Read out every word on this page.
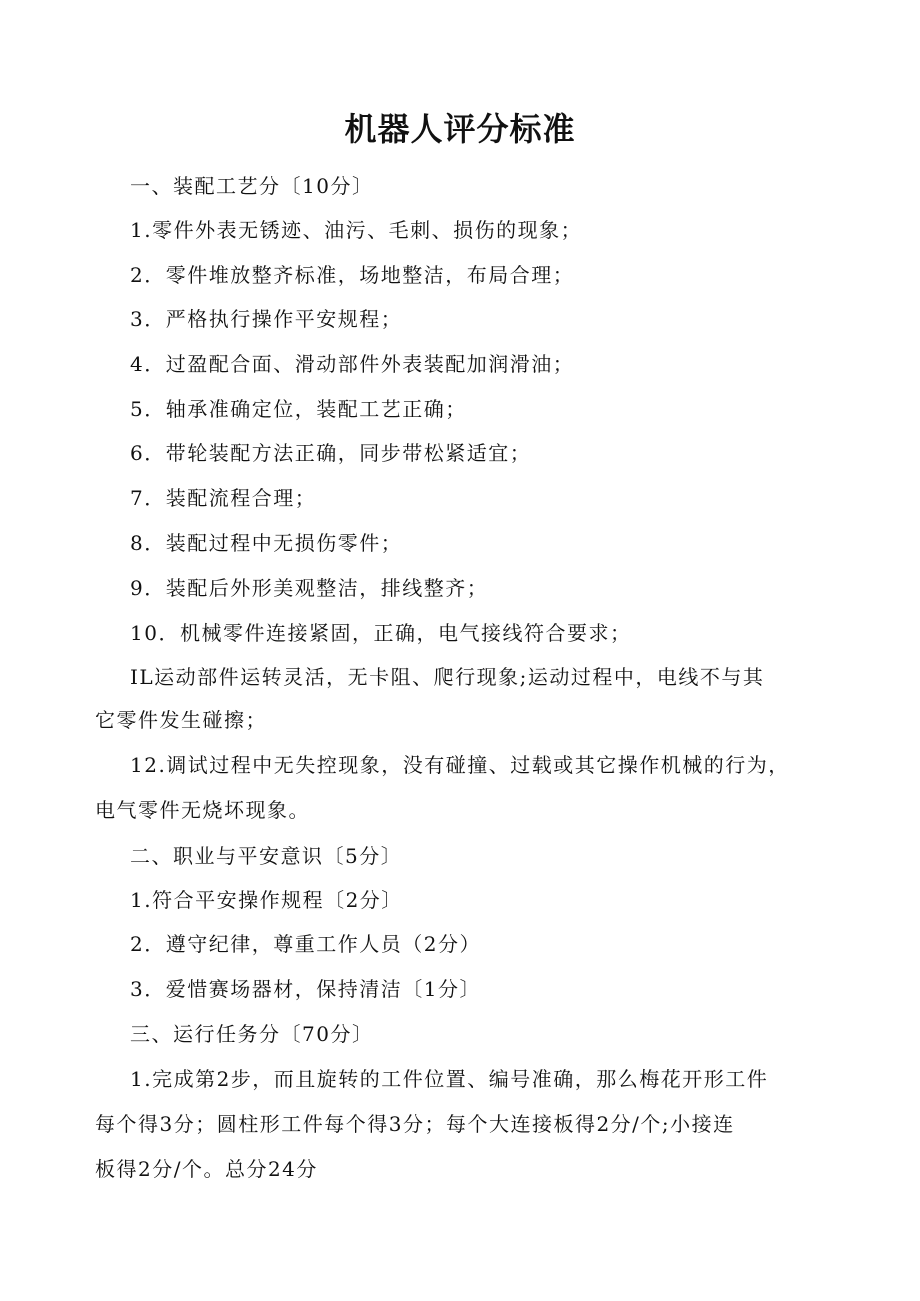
机器人评分标准
一、装配工艺分〔10分〕
1.零件外表无锈迹、油污、毛刺、损伤的现象；
2．零件堆放整齐标准，场地整洁，布局合理；
3．严格执行操作平安规程；
4．过盈配合面、滑动部件外表装配加润滑油；
5．轴承准确定位，装配工艺正确；
6．带轮装配方法正确，同步带松紧适宜；
7．装配流程合理；
8．装配过程中无损伤零件；
9．装配后外形美观整洁，排线整齐；
10．机械零件连接紧固，正确，电气接线符合要求；
IL运动部件运转灵活，无卡阻、爬行现象;运动过程中，电线不与其
它零件发生碰擦；
12.调试过程中无失控现象，没有碰撞、过载或其它操作机械的行为，
电气零件无烧坏现象。
二、职业与平安意识〔5分〕
1.符合平安操作规程〔2分〕
2．遵守纪律，尊重工作人员（2分）
3．爱惜赛场器材，保持清洁〔1分〕
三、运行任务分〔70分〕
1.完成第2步，而且旋转的工件位置、编号准确，那么梅花开形工件
每个得3分；圆柱形工件每个得3分；每个大连接板得2分/个;小接连
板得2分/个。总分24分
